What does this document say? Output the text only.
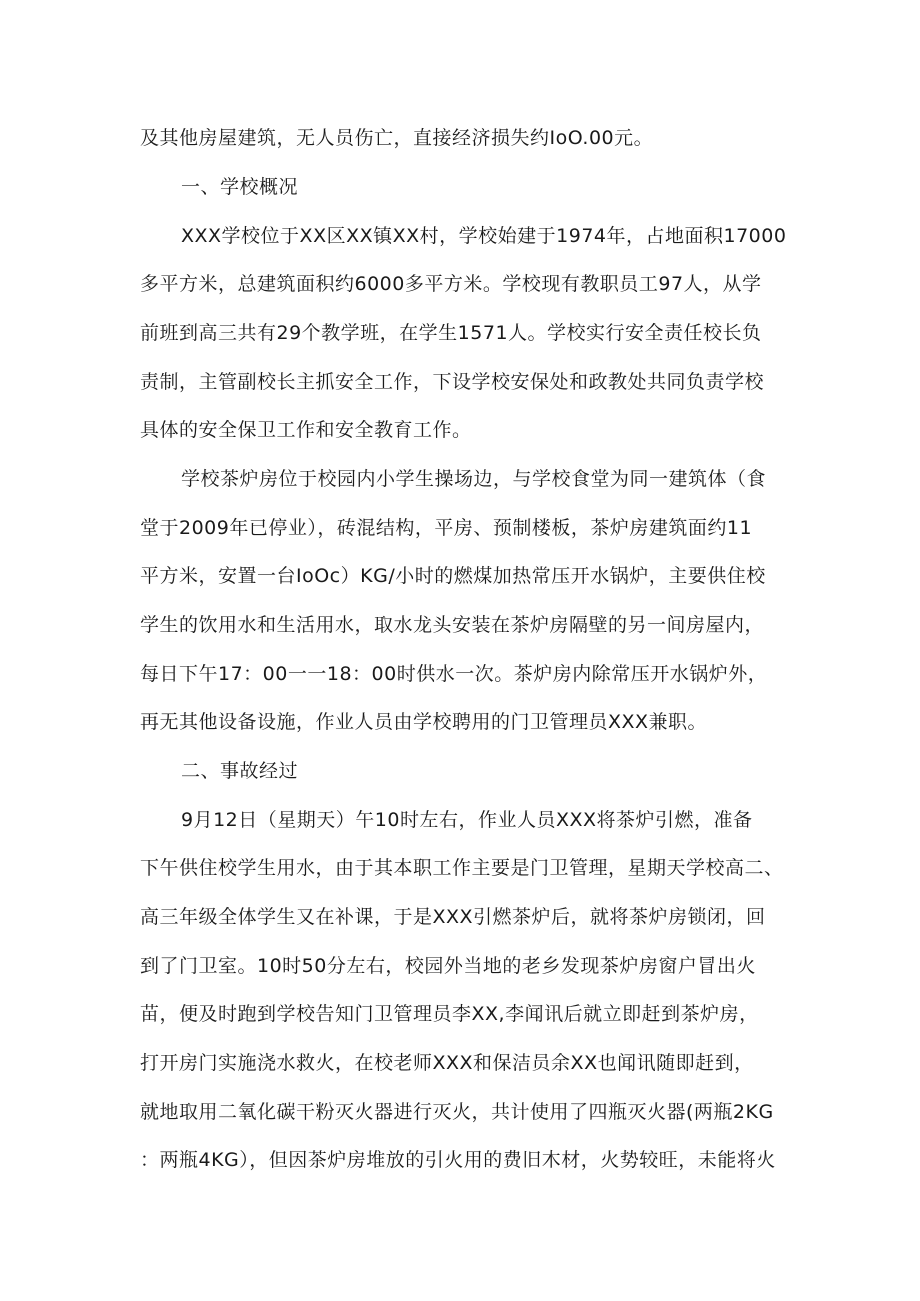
及其他房屋建筑，无人员伤亡，直接经济损失约IoO.00元。
一、学校概况
XXX学校位于XX区XX镇XX村，学校始建于1974年，占地面积17000
多平方米，总建筑面积约6000多平方米。学校现有教职员工97人，从学
前班到高三共有29个教学班，在学生1571人。学校实行安全责任校长负
责制，主管副校长主抓安全工作，下设学校安保处和政教处共同负责学校
具体的安全保卫工作和安全教育工作。
学校茶炉房位于校园内小学生操场边，与学校食堂为同一建筑体（食
堂于2009年已停业），砖混结构，平房、预制楼板，茶炉房建筑面约11
平方米，安置一台IoOc）KG/小时的燃煤加热常压开水锅炉，主要供住校
学生的饮用水和生活用水，取水龙头安装在茶炉房隔壁的另一间房屋内，
每日下午17：00一一18：00时供水一次。茶炉房内除常压开水锅炉外，
再无其他设备设施，作业人员由学校聘用的门卫管理员XXX兼职。
二、事故经过
9月12日（星期天）午10时左右，作业人员XXX将茶炉引燃，准备
下午供住校学生用水，由于其本职工作主要是门卫管理，星期天学校高二、
高三年级全体学生又在补课，于是XXX引燃茶炉后，就将茶炉房锁闭，回
到了门卫室。10时50分左右，校园外当地的老乡发现茶炉房窗户冒出火
苗，便及时跑到学校告知门卫管理员李XX,李闻讯后就立即赶到茶炉房，
打开房门实施浇水救火，在校老师XXX和保洁员余XX也闻讯随即赶到，
就地取用二氧化碳干粉灭火器进行灭火，共计使用了四瓶灭火器(两瓶2KG
：两瓶4KG），但因茶炉房堆放的引火用的费旧木材，火势较旺，未能将火
